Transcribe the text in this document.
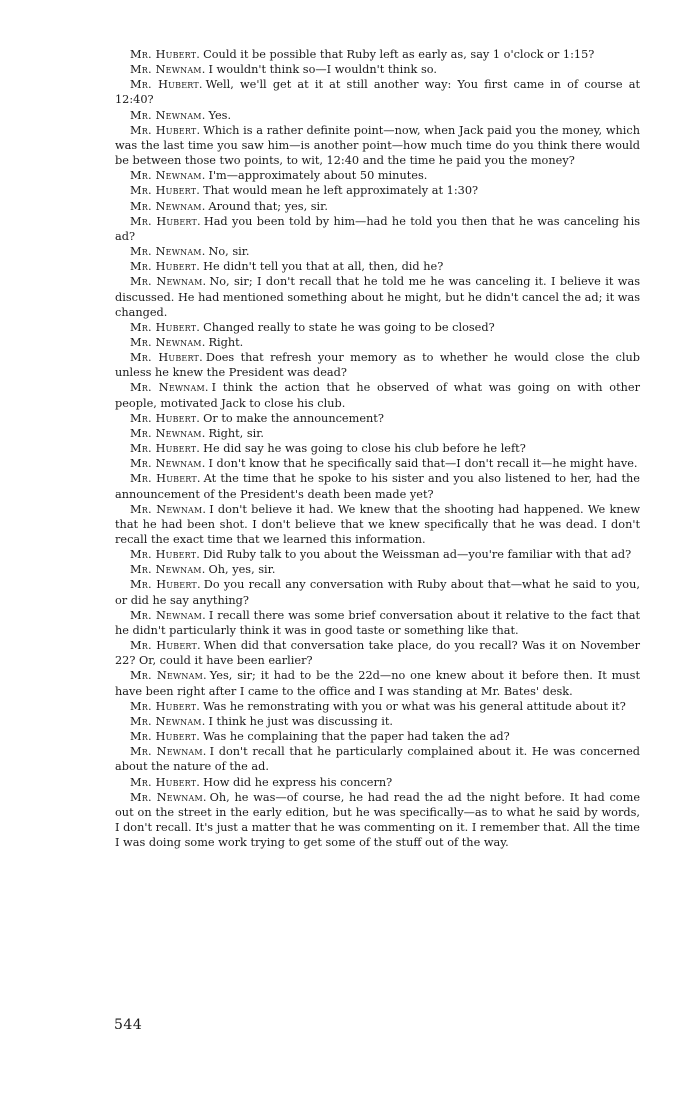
Mr. Hubert. Could it be possible that Ruby left as early as, say 1 o'clock or 1:15?

Mr. Newnam. I wouldn't think so—I wouldn't think so.

Mr. Hubert. Well, we'll get at it at still another way: You first came in of course at 12:40?

Mr. Newnam. Yes.

Mr. Hubert. Which is a rather definite point—now, when Jack paid you the money, which was the last time you saw him—is another point—how much time do you think there would be between those two points, to wit, 12:40 and the time he paid you the money?

Mr. Newnam. I'm—approximately about 50 minutes.

Mr. Hubert. That would mean he left approximately at 1:30?

Mr. Newnam. Around that; yes, sir.

Mr. Hubert. Had you been told by him—had he told you then that he was canceling his ad?

Mr. Newnam. No, sir.

Mr. Hubert. He didn't tell you that at all, then, did he?

Mr. Newnam. No, sir; I don't recall that he told me he was canceling it. I believe it was discussed. He had mentioned something about he might, but he didn't cancel the ad; it was changed.

Mr. Hubert. Changed really to state he was going to be closed?

Mr. Newnam. Right.

Mr. Hubert. Does that refresh your memory as to whether he would close the club unless he knew the President was dead?

Mr. Newnam. I think the action that he observed of what was going on with other people, motivated Jack to close his club.

Mr. Hubert. Or to make the announcement?

Mr. Newnam. Right, sir.

Mr. Hubert. He did say he was going to close his club before he left?

Mr. Newnam. I don't know that he specifically said that—I don't recall it—he might have.

Mr. Hubert. At the time that he spoke to his sister and you also listened to her, had the announcement of the President's death been made yet?

Mr. Newnam. I don't believe it had. We knew that the shooting had happened. We knew that he had been shot. I don't believe that we knew specifically that he was dead. I don't recall the exact time that we learned this information.

Mr. Hubert. Did Ruby talk to you about the Weissman ad—you're familiar with that ad?

Mr. Newnam. Oh, yes, sir.

Mr. Hubert. Do you recall any conversation with Ruby about that—what he said to you, or did he say anything?

Mr. Newnam. I recall there was some brief conversation about it relative to the fact that he didn't particularly think it was in good taste or something like that.

Mr. Hubert. When did that conversation take place, do you recall? Was it on November 22? Or, could it have been earlier?

Mr. Newnam. Yes, sir; it had to be the 22d—no one knew about it before then. It must have been right after I came to the office and I was standing at Mr. Bates' desk.

Mr. Hubert. Was he remonstrating with you or what was his general attitude about it?

Mr. Newnam. I think he just was discussing it.

Mr. Hubert. Was he complaining that the paper had taken the ad?

Mr. Newnam. I don't recall that he particularly complained about it. He was concerned about the nature of the ad.

Mr. Hubert. How did he express his concern?

Mr. Newnam. Oh, he was—of course, he had read the ad the night before. It had come out on the street in the early edition, but he was specifically—as to what he said by words, I don't recall. It's just a matter that he was commenting on it. I remember that. All the time I was doing some work trying to get some of the stuff out of the way.

544
